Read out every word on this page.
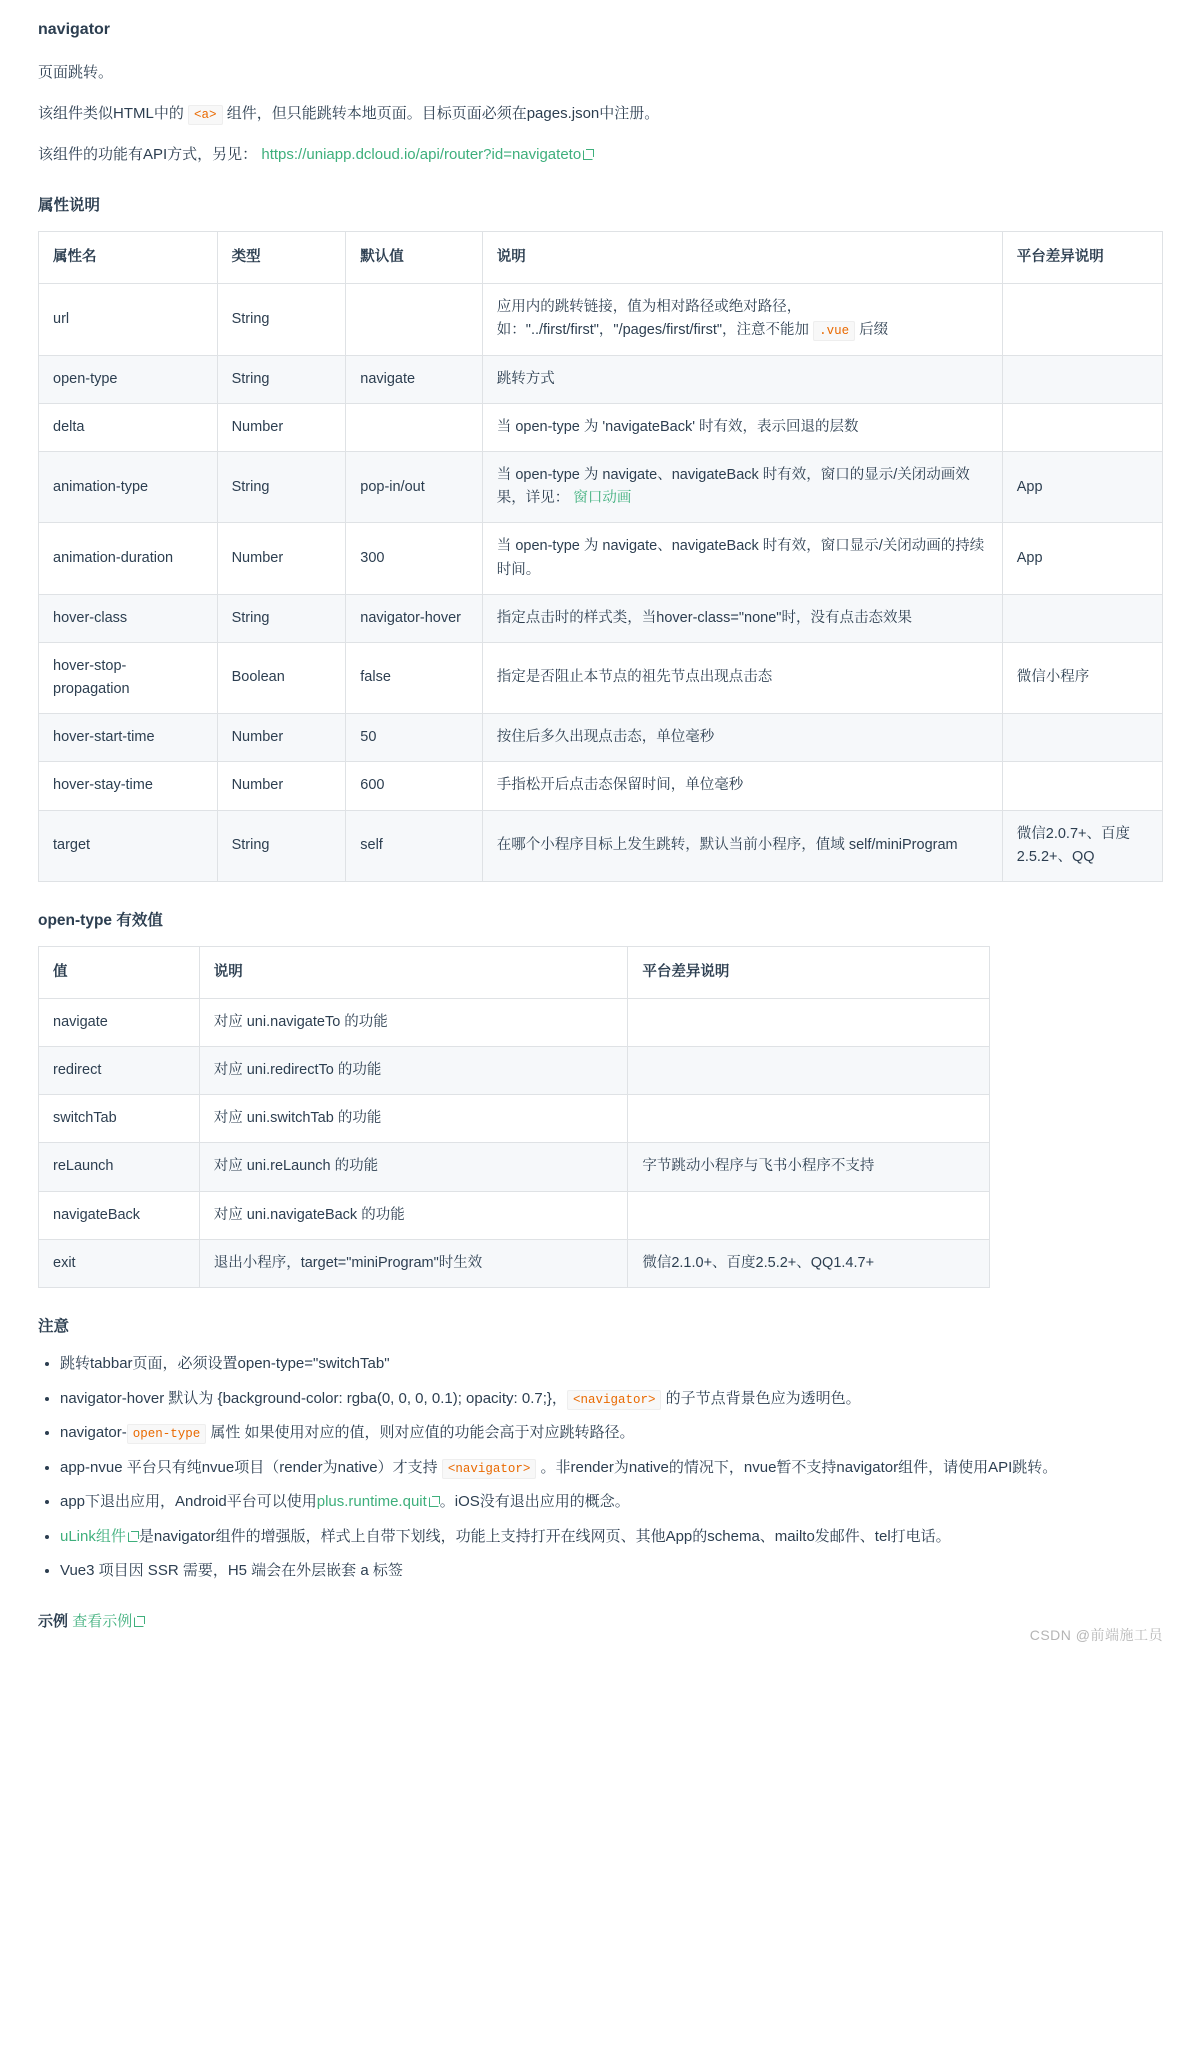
navigator

页面跳转。

该组件类似HTML中的 <a> 组件，但只能跳转本地页面。目标页面必须在pages.json中注册。

该组件的功能有API方式，另见： https://uniapp.dcloud.io/api/router?id=navigateto

属性说明
属性名	类型	默认值	说明	平台差异说明
url	String		应用内的跳转链接，值为相对路径或绝对路径，
如："../first/first"，"/pages/first/first"，注意不能加 .vue 后缀	
open-type	String	navigate	跳转方式	
delta	Number		当 open-type 为 'navigateBack' 时有效，表示回退的层数	
animation-type	String	pop-in/out	当 open-type 为 navigate、navigateBack 时有效，窗口的显示/关闭动画效果，详见： 窗口动画	App
animation-duration	Number	300	当 open-type 为 navigate、navigateBack 时有效，窗口显示/关闭动画的持续时间。	App
hover-class	String	navigator-hover	指定点击时的样式类，当hover-class="none"时，没有点击态效果	
hover-stop-propagation	Boolean	false	指定是否阻止本节点的祖先节点出现点击态	微信小程序
hover-start-time	Number	50	按住后多久出现点击态，单位毫秒	
hover-stay-time	Number	600	手指松开后点击态保留时间，单位毫秒	
target	String	self	在哪个小程序目标上发生跳转，默认当前小程序，值域 self/miniProgram	微信2.0.7+、百度2.5.2+、QQ
open-type 有效值
值	说明	平台差异说明
navigate	对应 uni.navigateTo 的功能	
redirect	对应 uni.redirectTo 的功能	
switchTab	对应 uni.switchTab 的功能	
reLaunch	对应 uni.reLaunch 的功能	字节跳动小程序与飞书小程序不支持
navigateBack	对应 uni.navigateBack 的功能	
exit	退出小程序，target="miniProgram"时生效	微信2.1.0+、百度2.5.2+、QQ1.4.7+
注意
• 跳转tabbar页面，必须设置open-type="switchTab"
• navigator-hover 默认为 {background-color: rgba(0, 0, 0, 0.1); opacity: 0.7;}， <navigator> 的子节点背景色应为透明色。
• navigator- open-type 属性 如果使用对应的值，则对应值的功能会高于对应跳转路径。
• app-nvue 平台只有纯nvue项目（render为native）才支持 <navigator> 。非render为native的情况下，nvue暂不支持navigator组件，请使用API跳转。
• app下退出应用，Android平台可以使用plus.runtime.quit 。iOS没有退出应用的概念。
• uLink组件 是navigator组件的增强版，样式上自带下划线，功能上支持打开在线网页、其他App的schema、mailto发邮件、tel打电话。
• Vue3 项目因 SSR 需要，H5 端会在外层嵌套 a 标签
示例 查看示例
CSDN @前端施工员
